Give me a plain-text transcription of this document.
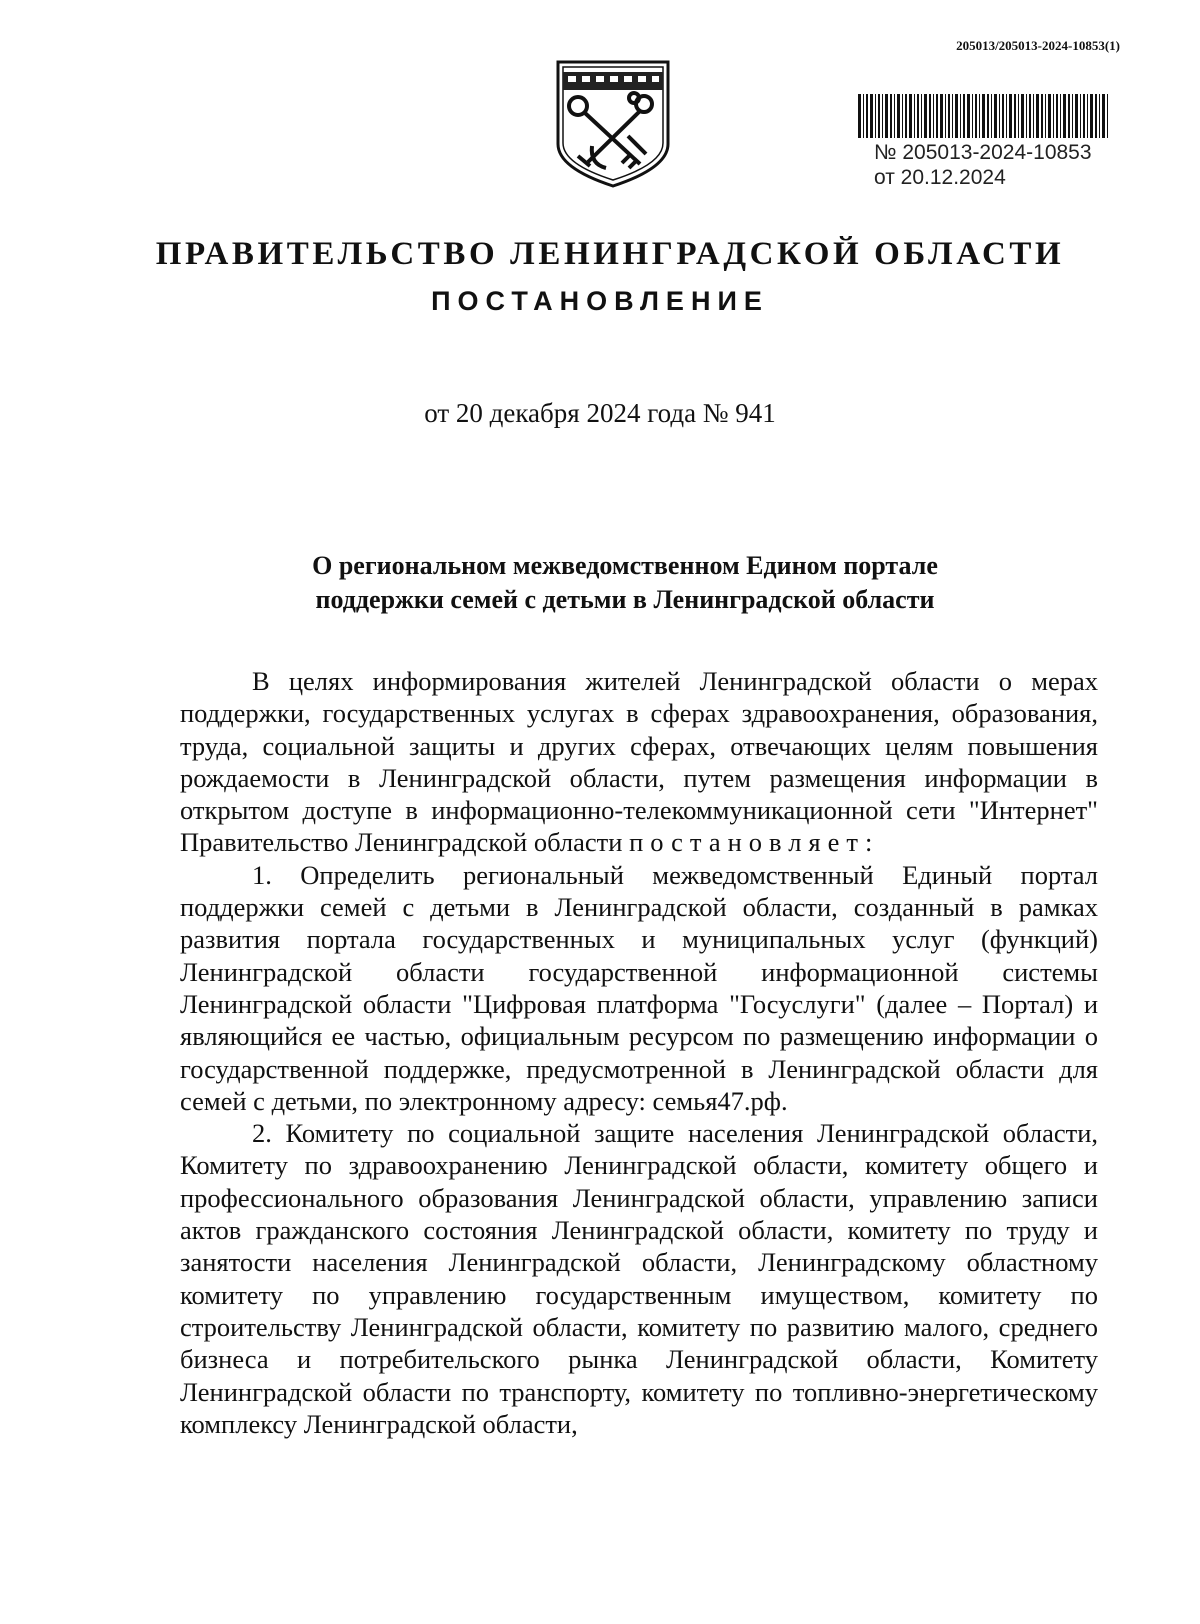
205013/205013-2024-10853(1)
№ 205013-2024-10853
от 20.12.2024
ПРАВИТЕЛЬСТВО ЛЕНИНГРАДСКОЙ ОБЛАСТИ
ПОСТАНОВЛЕНИЕ
от 20 декабря 2024 года № 941
О региональном межведомственном Едином портале
поддержки семей с детьми в Ленинградской области

В целях информирования жителей Ленинградской области о мерах поддержки, государственных услугах в сферах здравоохранения, образования, труда, социальной защиты и других сферах, отвечающих целям повышения рождаемости в Ленинградской области, путем размещения информации в открытом доступе в информационно-телекоммуникационной сети "Интернет" Правительство Ленинградской области постановляет:

1. Определить региональный межведомственный Единый портал поддержки семей с детьми в Ленинградской области, созданный в рамках развития портала государственных и муниципальных услуг (функций) Ленинградской области государственной информационной системы Ленинградской области "Цифровая платформа "Госуслуги" (далее – Портал) и являющийся ее частью, официальным ресурсом по размещению информации о государственной поддержке, предусмотренной в Ленинградской области для семей с детьми, по электронному адресу: семья47.рф.

2. Комитету по социальной защите населения Ленинградской области, Комитету по здравоохранению Ленинградской области, комитету общего и профессионального образования Ленинградской области, управлению записи актов гражданского состояния Ленинградской области, комитету по труду и занятости населения Ленинградской области, Ленинградскому областному комитету по управлению государственным имуществом, комитету по строительству Ленинградской области, комитету по развитию малого, среднего бизнеса и потребительского рынка Ленинградской области, Комитету Ленинградской области по транспорту, комитету по топливно-энергетическому комплексу Ленинградской области,
